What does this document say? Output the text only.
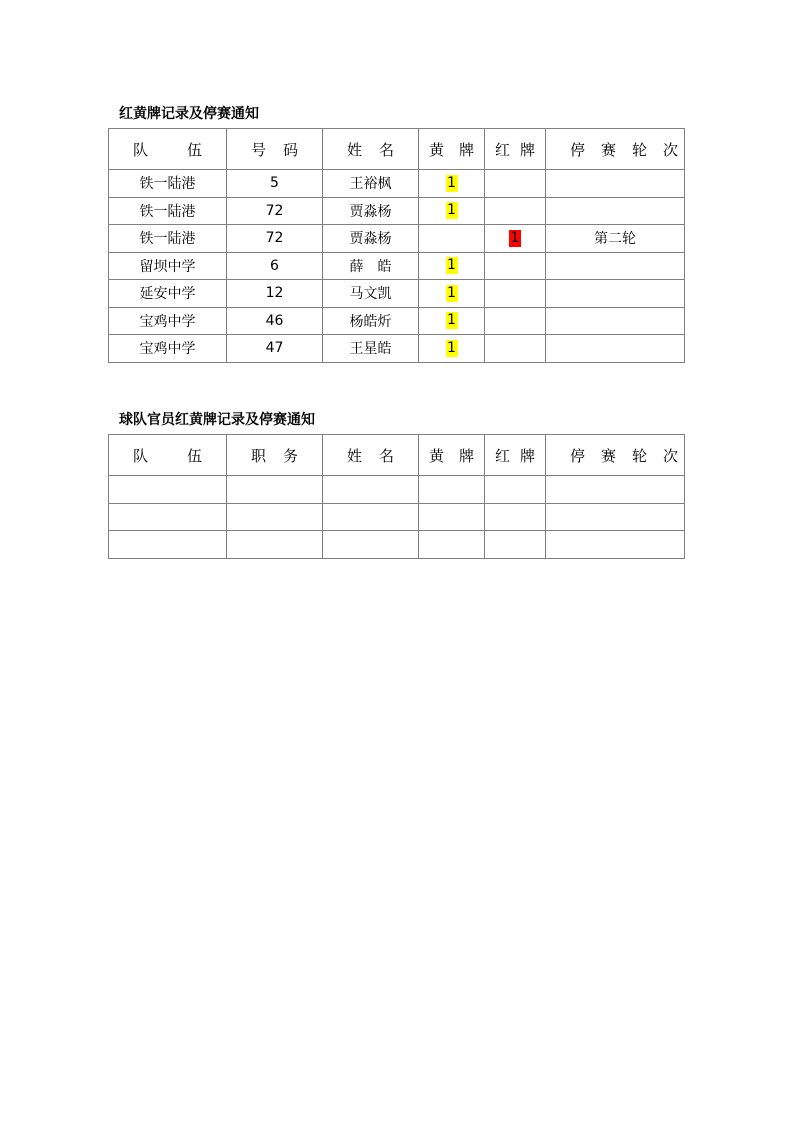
红黄牌记录及停赛通知
队 伍	号 码	姓 名	黄 牌	红 牌	停 赛 轮 次

铁一陆港	5	王裕枫	1		
铁一陆港	72	贾淼杨	1		
铁一陆港	72	贾淼杨		1	第二轮
留坝中学	6	薛　皓	1		
延安中学	12	马文凯	1		
宝鸡中学	46	杨皓炘	1		
宝鸡中学	47	王星皓	1		
球队官员红黄牌记录及停赛通知
队 伍	职 务	姓 名	黄 牌	红 牌	停 赛 轮 次
